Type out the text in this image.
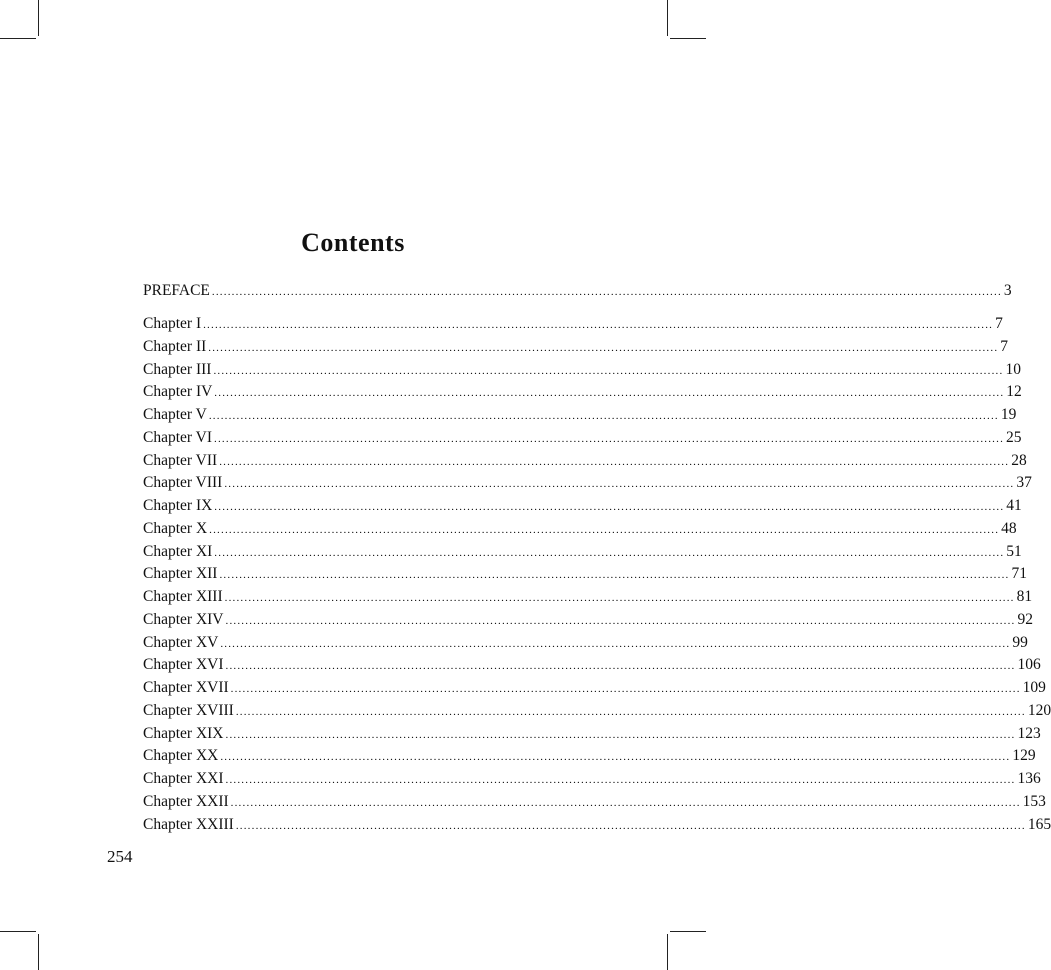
Contents
PREFACE ........................................................................................................................................................................................................ 3
Chapter I ........................................................................................................................................................................................................ 7
Chapter II ........................................................................................................................................................................................................ 7
Chapter III ........................................................................................................................................................................................................ 10
Chapter IV ........................................................................................................................................................................................................ 12
Chapter V ........................................................................................................................................................................................................ 19
Chapter VI ........................................................................................................................................................................................................ 25
Chapter VII ........................................................................................................................................................................................................ 28
Chapter VIII ........................................................................................................................................................................................................ 37
Chapter IX ........................................................................................................................................................................................................ 41
Chapter X ........................................................................................................................................................................................................ 48
Chapter XI ........................................................................................................................................................................................................ 51
Chapter XII ........................................................................................................................................................................................................ 71
Chapter XIII ........................................................................................................................................................................................................ 81
Chapter XIV ........................................................................................................................................................................................................ 92
Chapter XV ........................................................................................................................................................................................................ 99
Chapter XVI ........................................................................................................................................................................................................ 106
Chapter XVII ........................................................................................................................................................................................................ 109
Chapter XVIII ........................................................................................................................................................................................................ 120
Chapter XIX ........................................................................................................................................................................................................ 123
Chapter XX ........................................................................................................................................................................................................ 129
Chapter XXI ........................................................................................................................................................................................................ 136
Chapter XXII ........................................................................................................................................................................................................ 153
Chapter XXIII ........................................................................................................................................................................................................ 165
254
